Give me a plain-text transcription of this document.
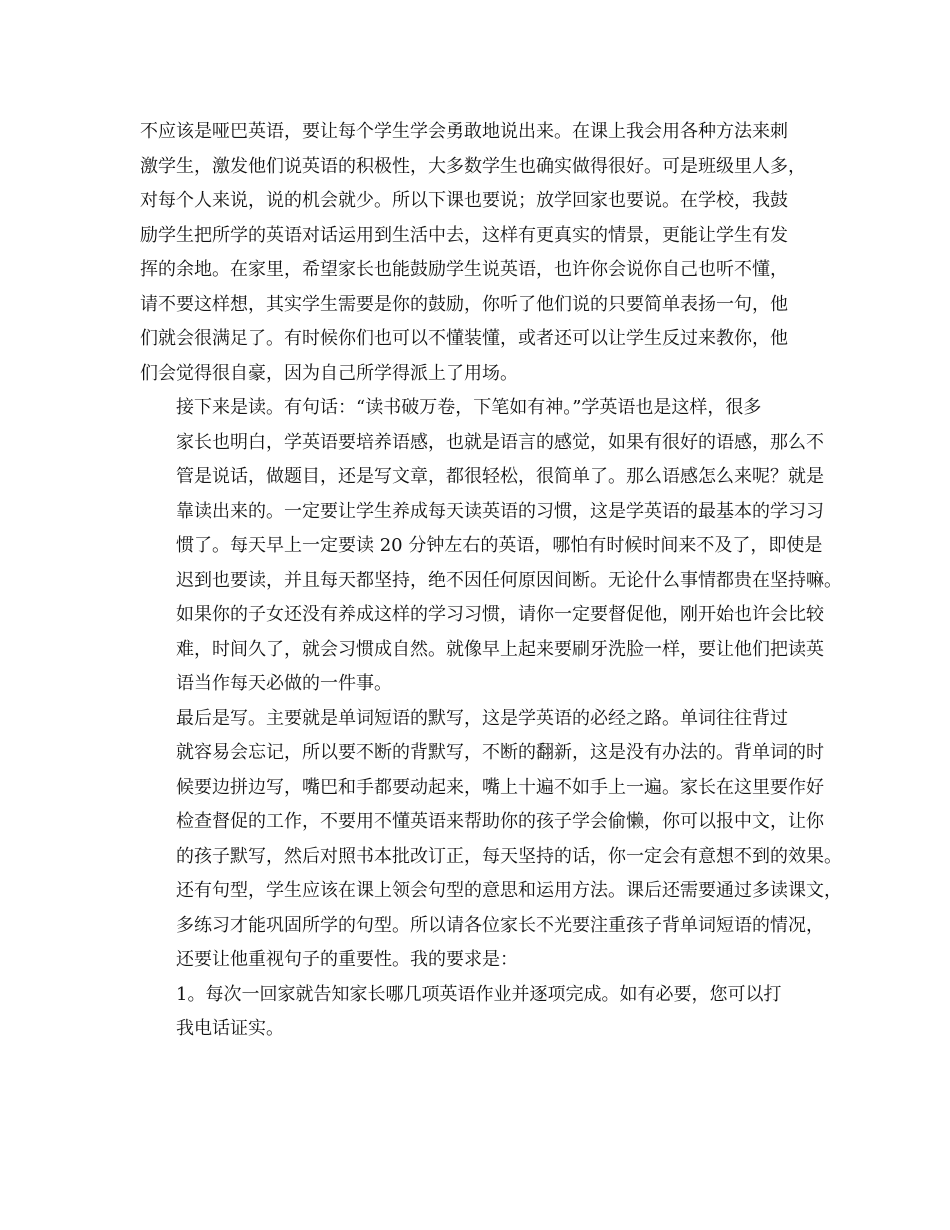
不应该是哑巴英语，要让每个学生学会勇敢地说出来。在课上我会用各种方法来刺
激学生，激发他们说英语的积极性，大多数学生也确实做得很好。可是班级里人多，
对每个人来说，说的机会就少。所以下课也要说；放学回家也要说。在学校，我鼓
励学生把所学的英语对话运用到生活中去，这样有更真实的情景，更能让学生有发
挥的余地。在家里，希望家长也能鼓励学生说英语，也许你会说你自己也听不懂，
请不要这样想，其实学生需要是你的鼓励，你听了他们说的只要简单表扬一句，他
们就会很满足了。有时候你们也可以不懂装懂，或者还可以让学生反过来教你，他
们会觉得很自豪，因为自己所学得派上了用场。

接下来是读。有句话：“读书破万卷，下笔如有神。”学英语也是这样，很多
家长也明白，学英语要培养语感，也就是语言的感觉，如果有很好的语感，那么不
管是说话，做题目，还是写文章，都很轻松，很简单了。那么语感怎么来呢？就是
靠读出来的。一定要让学生养成每天读英语的习惯，这是学英语的最基本的学习习
惯了。每天早上一定要读 20 分钟左右的英语，哪怕有时候时间来不及了，即使是
迟到也要读，并且每天都坚持，绝不因任何原因间断。无论什么事情都贵在坚持嘛。
如果你的子女还没有养成这样的学习习惯，请你一定要督促他，刚开始也许会比较
难，时间久了，就会习惯成自然。就像早上起来要刷牙洗脸一样，要让他们把读英
语当作每天必做的一件事。

最后是写。主要就是单词短语的默写，这是学英语的必经之路。单词往往背过
就容易会忘记，所以要不断的背默写，不断的翻新，这是没有办法的。背单词的时
候要边拼边写，嘴巴和手都要动起来，嘴上十遍不如手上一遍。家长在这里要作好
检查督促的工作，不要用不懂英语来帮助你的孩子学会偷懒，你可以报中文，让你
的孩子默写，然后对照书本批改订正，每天坚持的话，你一定会有意想不到的效果。
还有句型，学生应该在课上领会句型的意思和运用方法。课后还需要通过多读课文，
多练习才能巩固所学的句型。所以请各位家长不光要注重孩子背单词短语的情况，
还要让他重视句子的重要性。我的要求是：

1。每次一回家就告知家长哪几项英语作业并逐项完成。如有必要，您可以打
我电话证实。
